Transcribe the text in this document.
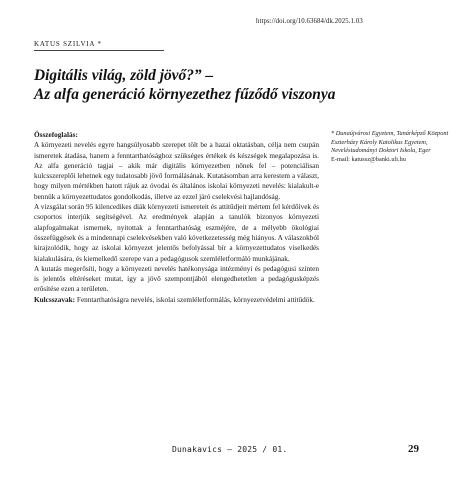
https://doi.org/10.63684/dk.2025.1.03
KATUS SZILVIA *
Digitális világ, zöld jövő?” –
Az alfa generáció környezethez fűződő viszonya
Összefoglalás:

A környezeti nevelés egyre hangsúlyosabb szerepet tölt be a hazai oktatásban, célja nem csupán ismeretek átadása, hanem a fenntarthatósághoz szükséges értékek és készségek megalapozása is. Az alfa generáció tagjai – akik már digitális környezetben nőnek fel – potenciálisan kulcsszereplői lehetnek egy tudatosabb jövő formálásának. Kutatásomban arra kerestem a választ, hogy milyen mértékben hatott rájuk az óvodai és általános iskolai környezeti nevelés: kialakult-e bennük a környezettudatos gondolkodás, illetve az ezzel járó cselekvési hajlandóság.

A vizsgálat során 95 kilencedikes diák környezeti ismereteit és attitűdjeit mértem fel kérdőívek és csoportos interjúk segítségével. Az eredmények alapján a tanulók bizonyos környezeti alapfogalmakat ismernek, nyitottak a fenntarthatóság eszméjére, de a mélyebb ökológiai összefüggések és a mindennapi cselekvésekben való következetesség még hiányos. A válaszokból kirajzolódik, hogy az iskolai környezet jelentős befolyással bír a környezettudatos viselkedés kialakulására, és kiemelkedő szerepe van a pedagógusok szemléletformáló munkájának.

A kutatás megerősíti, hogy a környezeti nevelés hatékonysága intézményi és pedagógusi szinten is jelentős eltéréseket mutat, így a jövő szempontjából elengedhetetlen a pedagógusképzés erősítése ezen a területen.

Kulcsszavak: Fenntarthatóságra nevelés, iskolai szemléletformálás, környezetvédelmi attitűdök.

* Dunaújvárosi Egyetem, Tanárképző Központ Eszterházy Károly Katolikus Egyetem, Neveléstudományi Doktori Iskola, Eger
E-mail: katussz@banki.uli.hu
Dunakavics – 2025 / 01.	29
